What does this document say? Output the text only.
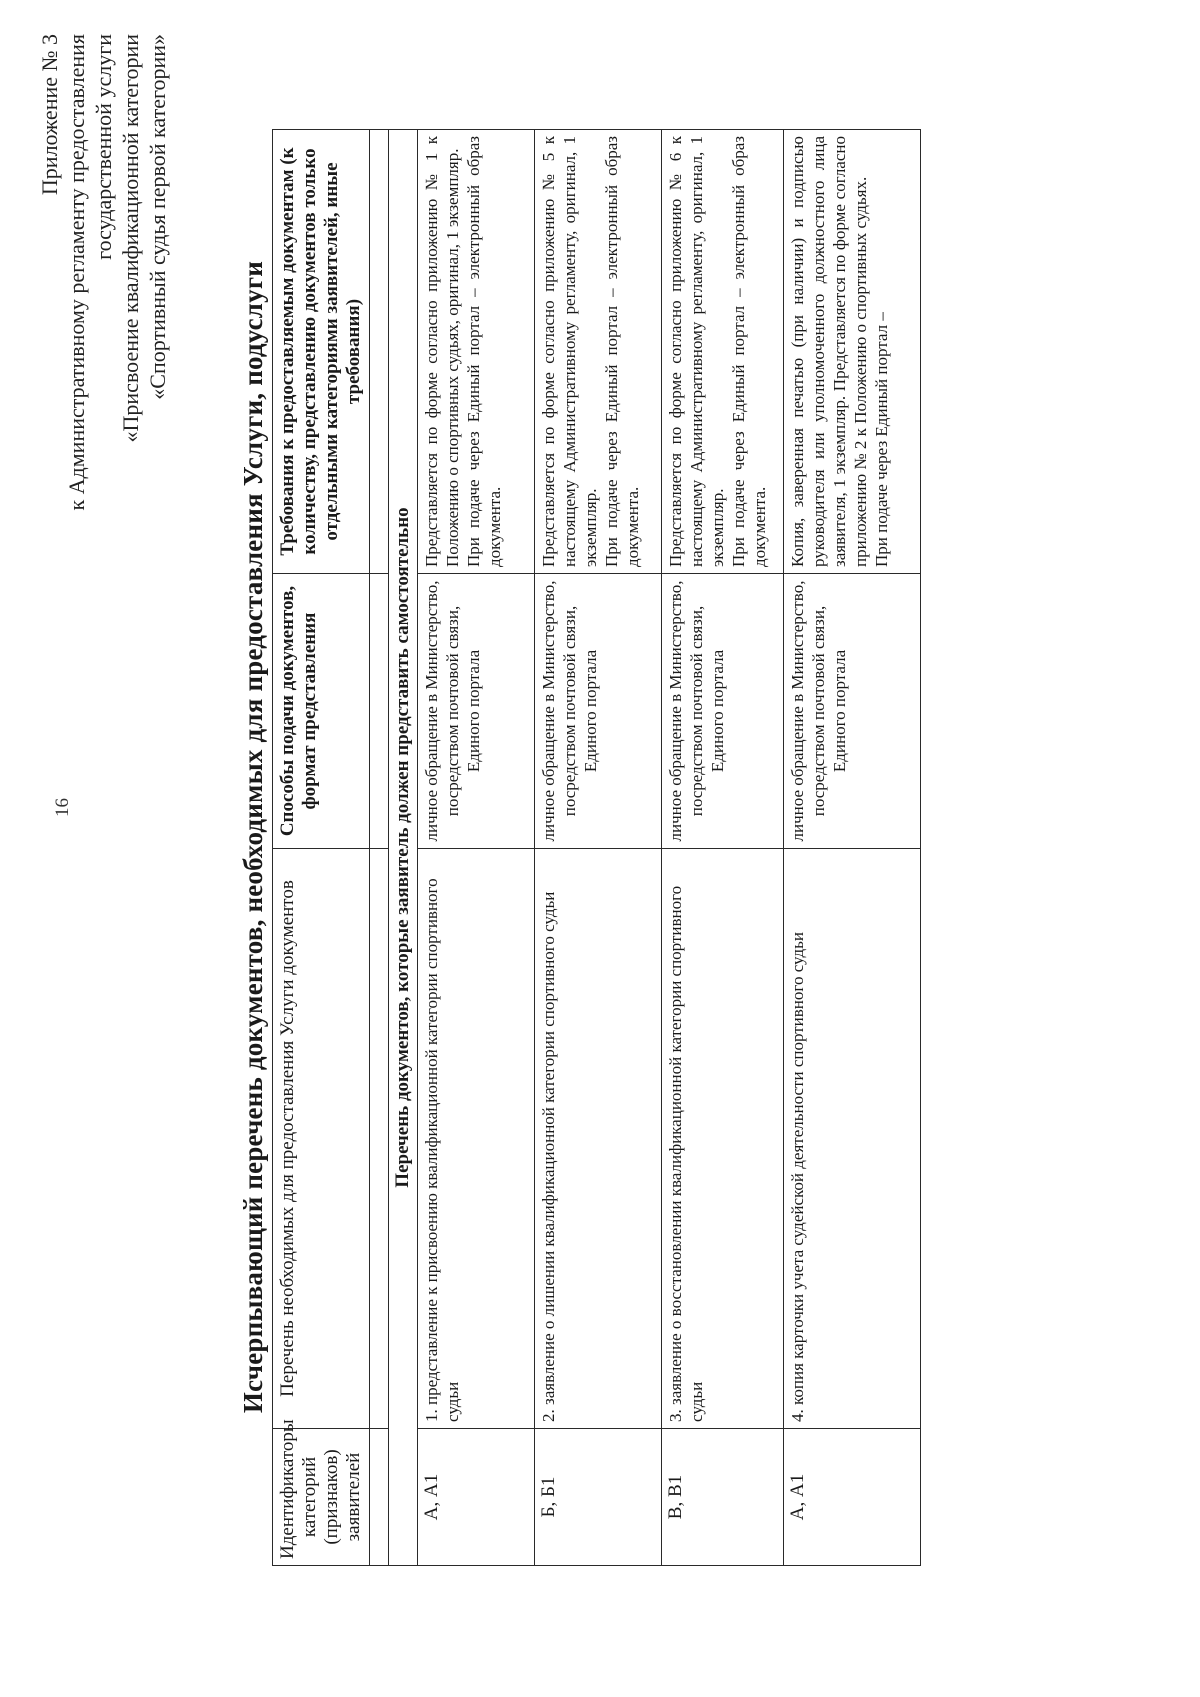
16
Приложение № 3 к Административному регламенту предоставления государственной услуги «Присвоение квалификационной категории «Спортивный судья первой категории»
Исчерпывающий перечень документов, необходимых для предоставления Услуги, подуслуги
Идентификаторы категорий (признаков) заявителей	Перечень необходимых для предоставления Услуги документов	Способы подачи документов, формат представления	Требования к предоставляемым документам (к количеству, представлению документов только отдельными категориями заявителей, иные требования)

Перечень документов, которые заявитель должен представить самостоятельно			
А, А1	1. представление к присвоению квалификационной категории спортивного судьи	личное обращение в Министерство, посредством почтовой связи, Единого портала	Представляется по форме согласно приложению № 1 к Положению о спортивных судьях, оригинал, 1 экземпляр. При подаче через Единый портал – электронный образ документа.

Б, Б1	2. заявление о лишении квалификационной категории спортивного судьи	личное обращение в Министерство, посредством почтовой связи, Единого портала	Представляется по форме согласно приложению № 5 к настоящему Административному регламенту, оригинал, 1 экземпляр. При подаче через Единый портал – электронный образ документа.

В, В1	3. заявление о восстановлении квалификационной категории спортивного судьи	личное обращение в Министерство, посредством почтовой связи, Единого портала	Представляется по форме согласно приложению № 6 к настоящему Административному регламенту, оригинал, 1 экземпляр. При подаче через Единый портал – электронный образ документа.

А, А1	4. копия карточки учета судейской деятельности спортивного судьи	личное обращение в Министерство, посредством почтовой связи, Единого портала	Копия, заверенная печатью (при наличии) и подписью руководителя или уполномоченного должностного лица заявителя, 1 экземпляр. Представляется по форме согласно приложению № 2 к Положению о спортивных судьях. При подаче через Единый портал –
